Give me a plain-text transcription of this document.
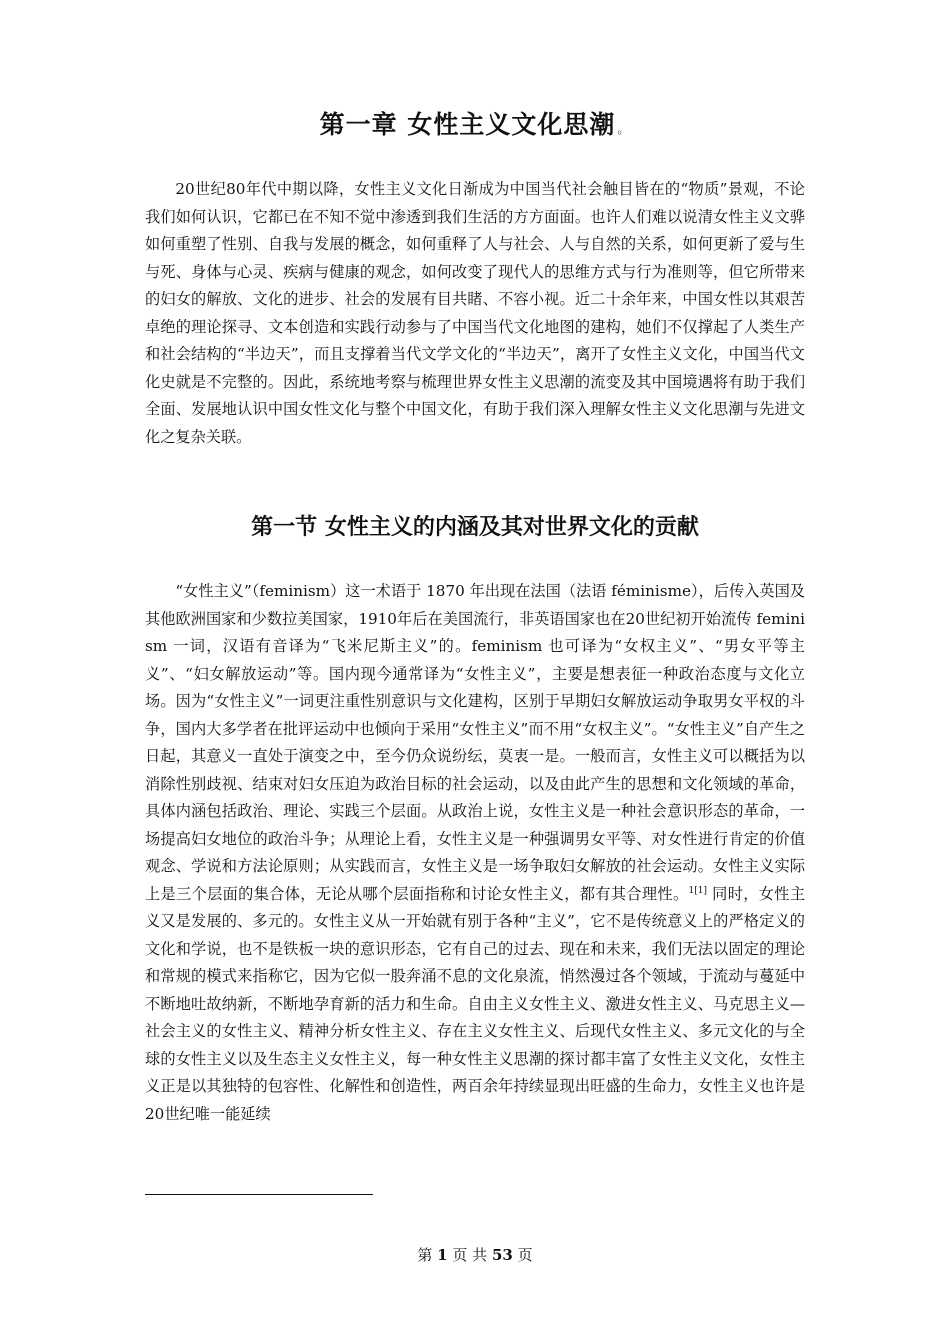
第一章 女性主义文化思潮 。

20世纪80年代中期以降，女性主义文化日渐成为中国当代社会触目皆在的“物质”景观，不论我们如何认识，它都已在不知不觉中渗透到我们生活的方方面面。也许人们难以说清女性主义文骅如何重塑了性别、自我与发展的概念，如何重释了人与社会、人与自然的关系，如何更新了爱与生与死、身体与心灵、疾病与健康的观念，如何改变了现代人的思维方式与行为准则等，但它所带来的妇女的解放、文化的进步、社会的发展有目共睹、不容小视。近二十余年来，中国女性以其艰苦卓绝的理论探寻、文本创造和实践行动参与了中国当代文化地图的建构，她们不仅撑起了人类生产和社会结构的“半边天”，而且支撑着当代文学文化的“半边天”，离开了女性主义文化，中国当代文化史就是不完整的。因此，系统地考察与梳理世界女性主义思潮的流变及其中国境遇将有助于我们全面、发展地认识中国女性文化与整个中国文化，有助于我们深入理解女性主义文化思潮与先进文化之复杂关联。

第一节 女性主义的内涵及其对世界文化的贡献

“女性主义”（feminism）这一术语于 1870 年出现在法国（法语 féminisme），后传入英国及其他欧洲国家和少数拉美国家，1910年后在美国流行，非英语国家也在20世纪初开始流传 feminism 一词，汉语有音译为“飞米尼斯主义”的。feminism 也可译为“女权主义”、“男女平等主义”、“妇女解放运动”等。国内现今通常译为“女性主义”，主要是想表征一种政治态度与文化立场。因为“女性主义”一词更注重性别意识与文化建构，区别于早期妇女解放运动争取男女平权的斗争，国内大多学者在批评运动中也倾向于采用“女性主义”而不用“女权主义”。“女性主义”自产生之日起，其意义一直处于演变之中，至今仍众说纷纭，莫衷一是。一般而言，女性主义可以概括为以消除性别歧视、结束对妇女压迫为政治目标的社会运动，以及由此产生的思想和文化领域的革命，具体内涵包括政治、理论、实践三个层面。从政治上说，女性主义是一种社会意识形态的革命，一场提高妇女地位的政治斗争；从理论上看，女性主义是一种强调男女平等、对女性进行肯定的价值观念、学说和方法论原则；从实践而言，女性主义是一场争取妇女解放的社会运动。女性主义实际上是三个层面的集合体，无论从哪个层面指称和讨论女性主义，都有其合理性。$^{1[1]}$ 同时，女性主义又是发展的、多元的。女性主义从一开始就有别于各种“主义”，它不是传统意义上的严格定义的文化和学说，也不是铁板一块的意识形态，它有自己的过去、现在和未来，我们无法以固定的理论和常规的模式来指称它，因为它似一股奔涌不息的文化泉流，悄然漫过各个领域，于流动与蔓延中不断地吐故纳新，不断地孕育新的活力和生命。自由主义女性主义、激进女性主义、马克思主义—社会主义的女性主义、精神分析女性主义、存在主义女性主义、后现代女性主义、多元文化的与全球的女性主义以及生态主义女性主义，每一种女性主义思潮的探讨都丰富了女性主义文化，女性主义正是以其独特的包容性、化解性和创造性，两百余年持续显现出旺盛的生命力，女性主义也许是20世纪唯一能延续

第 1 页 共 53 页
